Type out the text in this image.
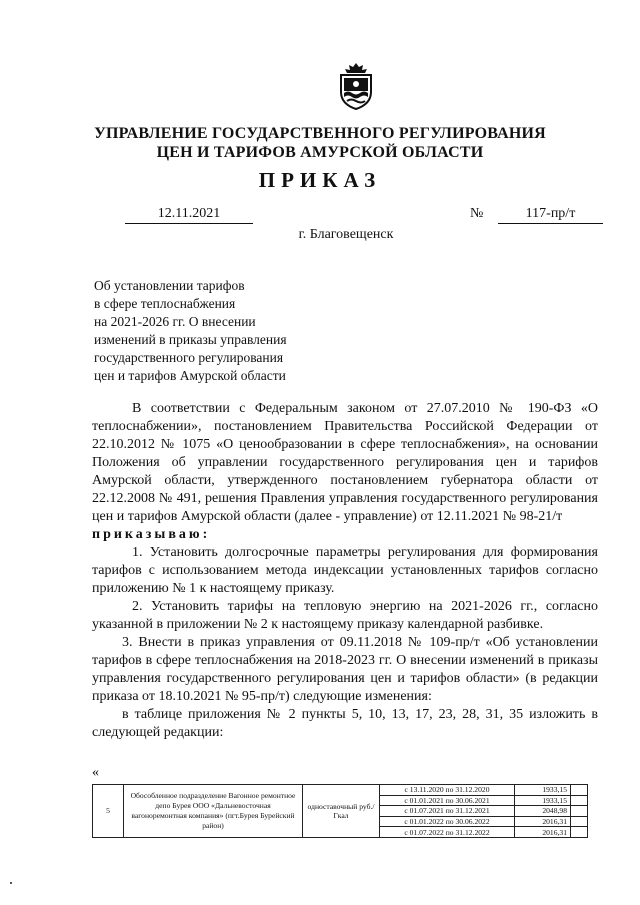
УПРАВЛЕНИЕ ГОСУДАРСТВЕННОГО РЕГУЛИРОВАНИЯ
ЦЕН И ТАРИФОВ АМУРСКОЙ ОБЛАСТИ
ПРИКАЗ
12.11.2021	№	117-пр/т
г. Благовещенск
Об установлении тарифов
в сфере теплоснабжения
на 2021-2026 гг. О внесении
изменений в приказы управления
государственного регулирования
цен и тарифов Амурской области

В соответствии с Федеральным законом от 27.07.2010 № 190-ФЗ «О теплоснабжении», постановлением Правительства Российской Федерации от 22.10.2012 № 1075 «О ценообразовании в сфере теплоснабжения», на основании Положения об управлении государственного регулирования цен и тарифов Амурской области, утвержденного постановлением губернатора области от 22.12.2008 № 491, решения Правления управления государственного регулирования цен и тарифов Амурской области (далее - управление) от 12.11.2021 № 98-21/т

приказываю:

1. Установить долгосрочные параметры регулирования для формирования тарифов с использованием метода индексации установленных тарифов согласно приложению № 1 к настоящему приказу.

2. Установить тарифы на тепловую энергию на 2021-2026 гг., согласно указанной в приложении № 2 к настоящему приказу календарной разбивке.

3. Внести в приказ управления от 09.11.2018 № 109-пр/т «Об установлении тарифов в сфере теплоснабжения на 2018-2023 гг. О внесении изменений в приказы управления государственного регулирования цен и тарифов области» (в редакции приказа от 18.10.2021 № 95-пр/т) следующие изменения:

в таблице приложения № 2 пункты 5, 10, 13, 17, 23, 28, 31, 35 изложить в следующей редакции:

«
5	Обособленное подразделение Вагонное ремонтное депо Бурея ООО «Дальневосточная вагоноремонтная компания» (пгт.Бурея Бурейский район)	одноставочный руб./Гкал	с 13.11.2020 по 31.12.2020	1933,15	
			с 01.01.2021 по 30.06.2021	1933,15	
			с 01.07.2021 по 31.12.2021	2048,98	
			с 01.01.2022 по 30.06.2022	2016,31	
			с 01.07.2022 по 31.12.2022	2016,31	
